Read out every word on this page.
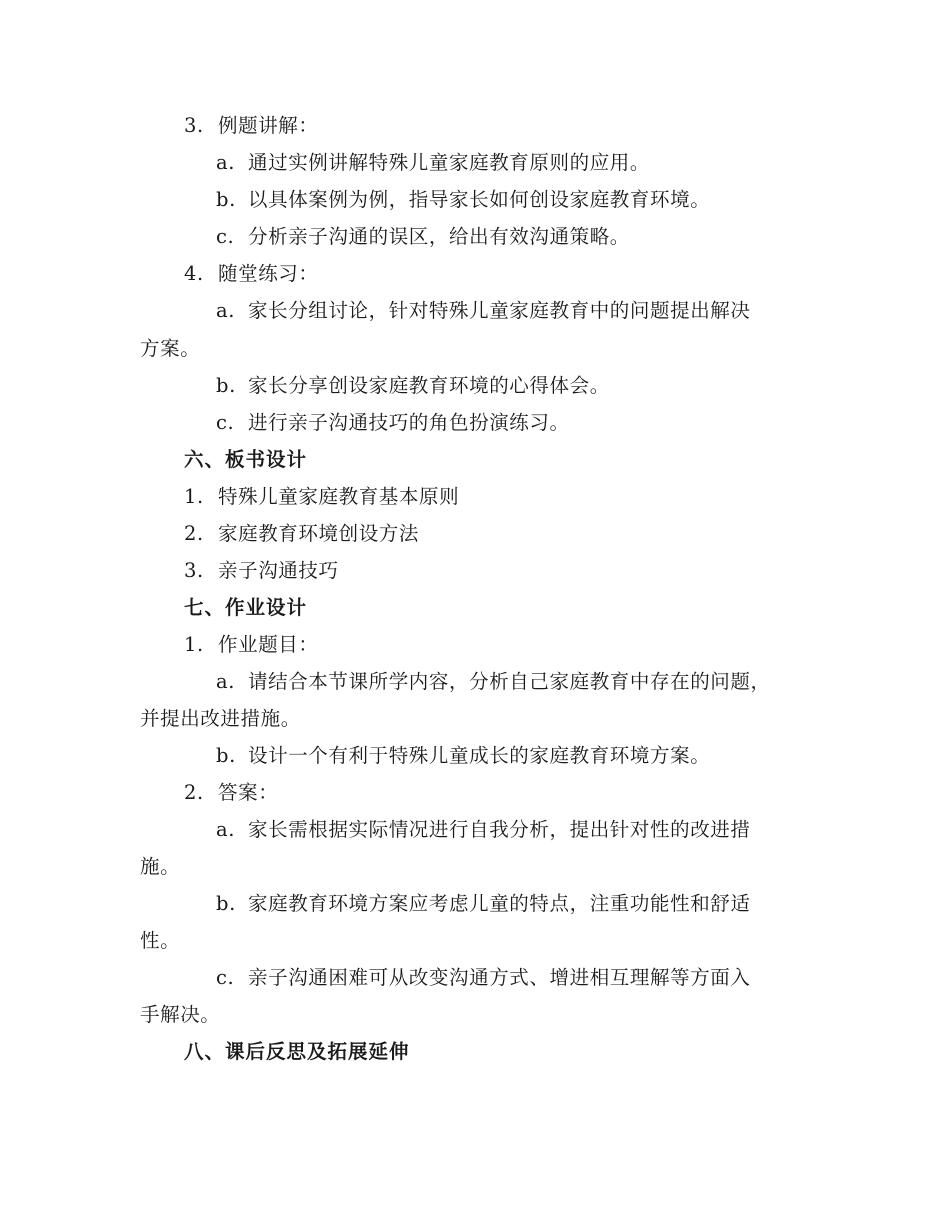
3. 例题讲解：
a. 通过实例讲解特殊儿童家庭教育原则的应用。
b. 以具体案例为例，指导家长如何创设家庭教育环境。
c. 分析亲子沟通的误区，给出有效沟通策略。
4. 随堂练习：
a. 家长分组讨论，针对特殊儿童家庭教育中的问题提出解决
方案。
b. 家长分享创设家庭教育环境的心得体会。
c. 进行亲子沟通技巧的角色扮演练习。
六、板书设计
1. 特殊儿童家庭教育基本原则
2. 家庭教育环境创设方法
3. 亲子沟通技巧
七、作业设计
1. 作业题目：
a. 请结合本节课所学内容，分析自己家庭教育中存在的问题，
并提出改进措施。
b. 设计一个有利于特殊儿童成长的家庭教育环境方案。
2. 答案：
a. 家长需根据实际情况进行自我分析，提出针对性的改进措
施。
b. 家庭教育环境方案应考虑儿童的特点，注重功能性和舒适
性。
c. 亲子沟通困难可从改变沟通方式、增进相互理解等方面入
手解决。
八、课后反思及拓展延伸
